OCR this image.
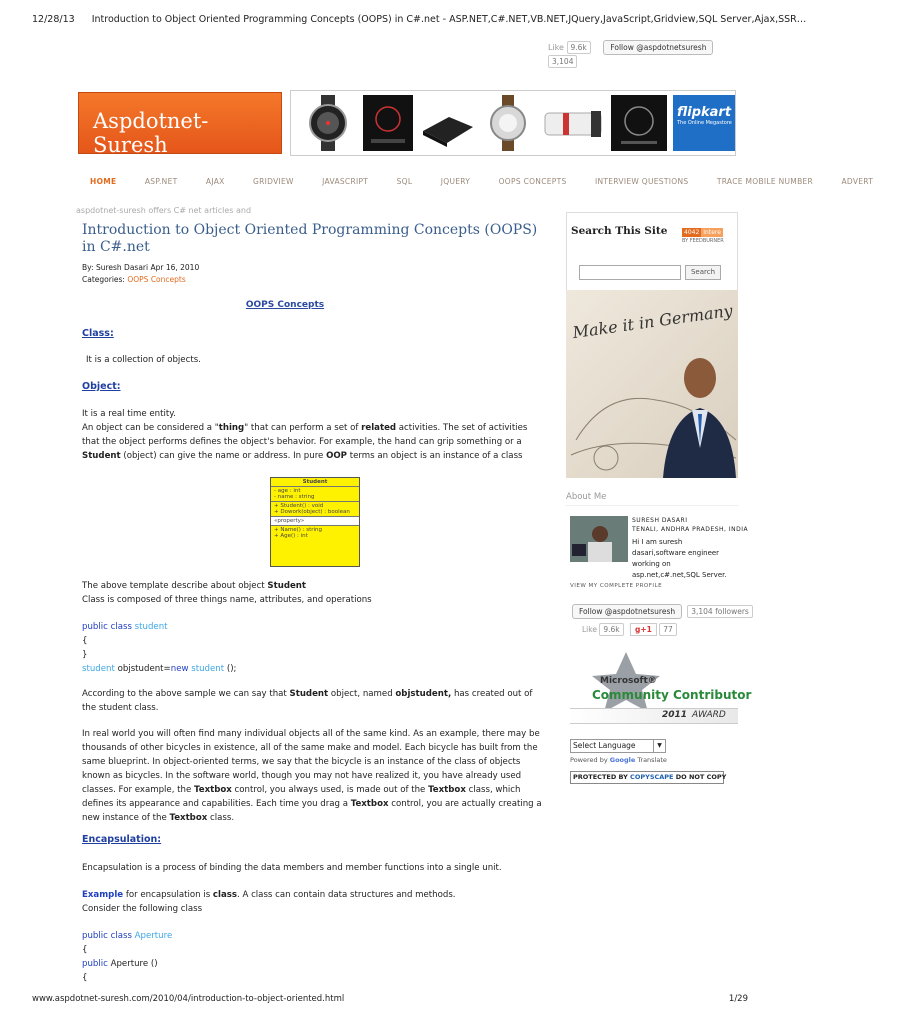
12/28/13 Introduction to Object Oriented Programming Concepts (OOPS) in C#.net - ASP.NET,C#.NET,VB.NET,JQuery,JavaScript,Gridview,SQL Server,Ajax,SSR…
Like 9.6k	Follow @aspdotnetsuresh 3,104
Aspdotnet-Suresh
flipkart
The Online Megastore
HOME	ASP.NET	AJAX	GRIDVIEW	JAVASCRIPT	SQL	JQUERY	OOPS CONCEPTS	INTERVIEW QUESTIONS	TRACE MOBILE NUMBER	ADVERT
aspdotnet-suresh offers C# net articles and
Introduction to Object Oriented Programming Concepts (OOPS) in C#.net
By: Suresh Dasari Apr 16, 2010
Categories: OOPS Concepts
OOPS Concepts
Class:
It is a collection of objects.
Object:
It is a real time entity.
An object can be considered a "thing" that can perform a set of related activities. The set of activities that the object performs defines the object's behavior. For example, the hand can grip something or a Student (object) can give the name or address. In pure OOP terms an object is an instance of a class
Student
- age : int
- name : string
+ Student() : void
+ Dowork(object) : boolean
«property»
+ Name() : string
+ Age() : int
The above template describe about object Student
Class is composed of three things name, attributes, and operations
public class student
{
}
student objstudent=new student ();
According to the above sample we can say that Student object, named objstudent, has created out of the student class.
In real world you will often find many individual objects all of the same kind. As an example, there may be thousands of other bicycles in existence, all of the same make and model. Each bicycle has built from the same blueprint. In object-oriented terms, we say that the bicycle is an instance of the class of objects known as bicycles. In the software world, though you may not have realized it, you have already used classes. For example, the Textbox control, you always used, is made out of the Textbox class, which defines its appearance and capabilities. Each time you drag a Textbox control, you are actually creating a new instance of the Textbox class.
Encapsulation:
Encapsulation is a process of binding the data members and member functions into a single unit.
Example for encapsulation is class. A class can contain data structures and methods.
Consider the following class
public class Aperture
{
public Aperture ()
{
Search This Site	4042 Intere
BY FEEDBURNER
Search
Make it in Germany
About Me
SURESH DASARI
TENALI, ANDHRA PRADESH, INDIA
Hi I am suresh dasari,software engineer working on asp.net,c#.net,SQL Server.
VIEW MY COMPLETE PROFILE
Follow @aspdotnetsuresh 3,104 followers
Like 9.6k g+1 77
Microsoft®
Community Contributor
2011 AWARD
Select Language	▼
Powered by Google Translate
PROTECTED BY COPYSCAPE DO NOT COPY
www.aspdotnet-suresh.com/2010/04/introduction-to-object-oriented.html	1/29
